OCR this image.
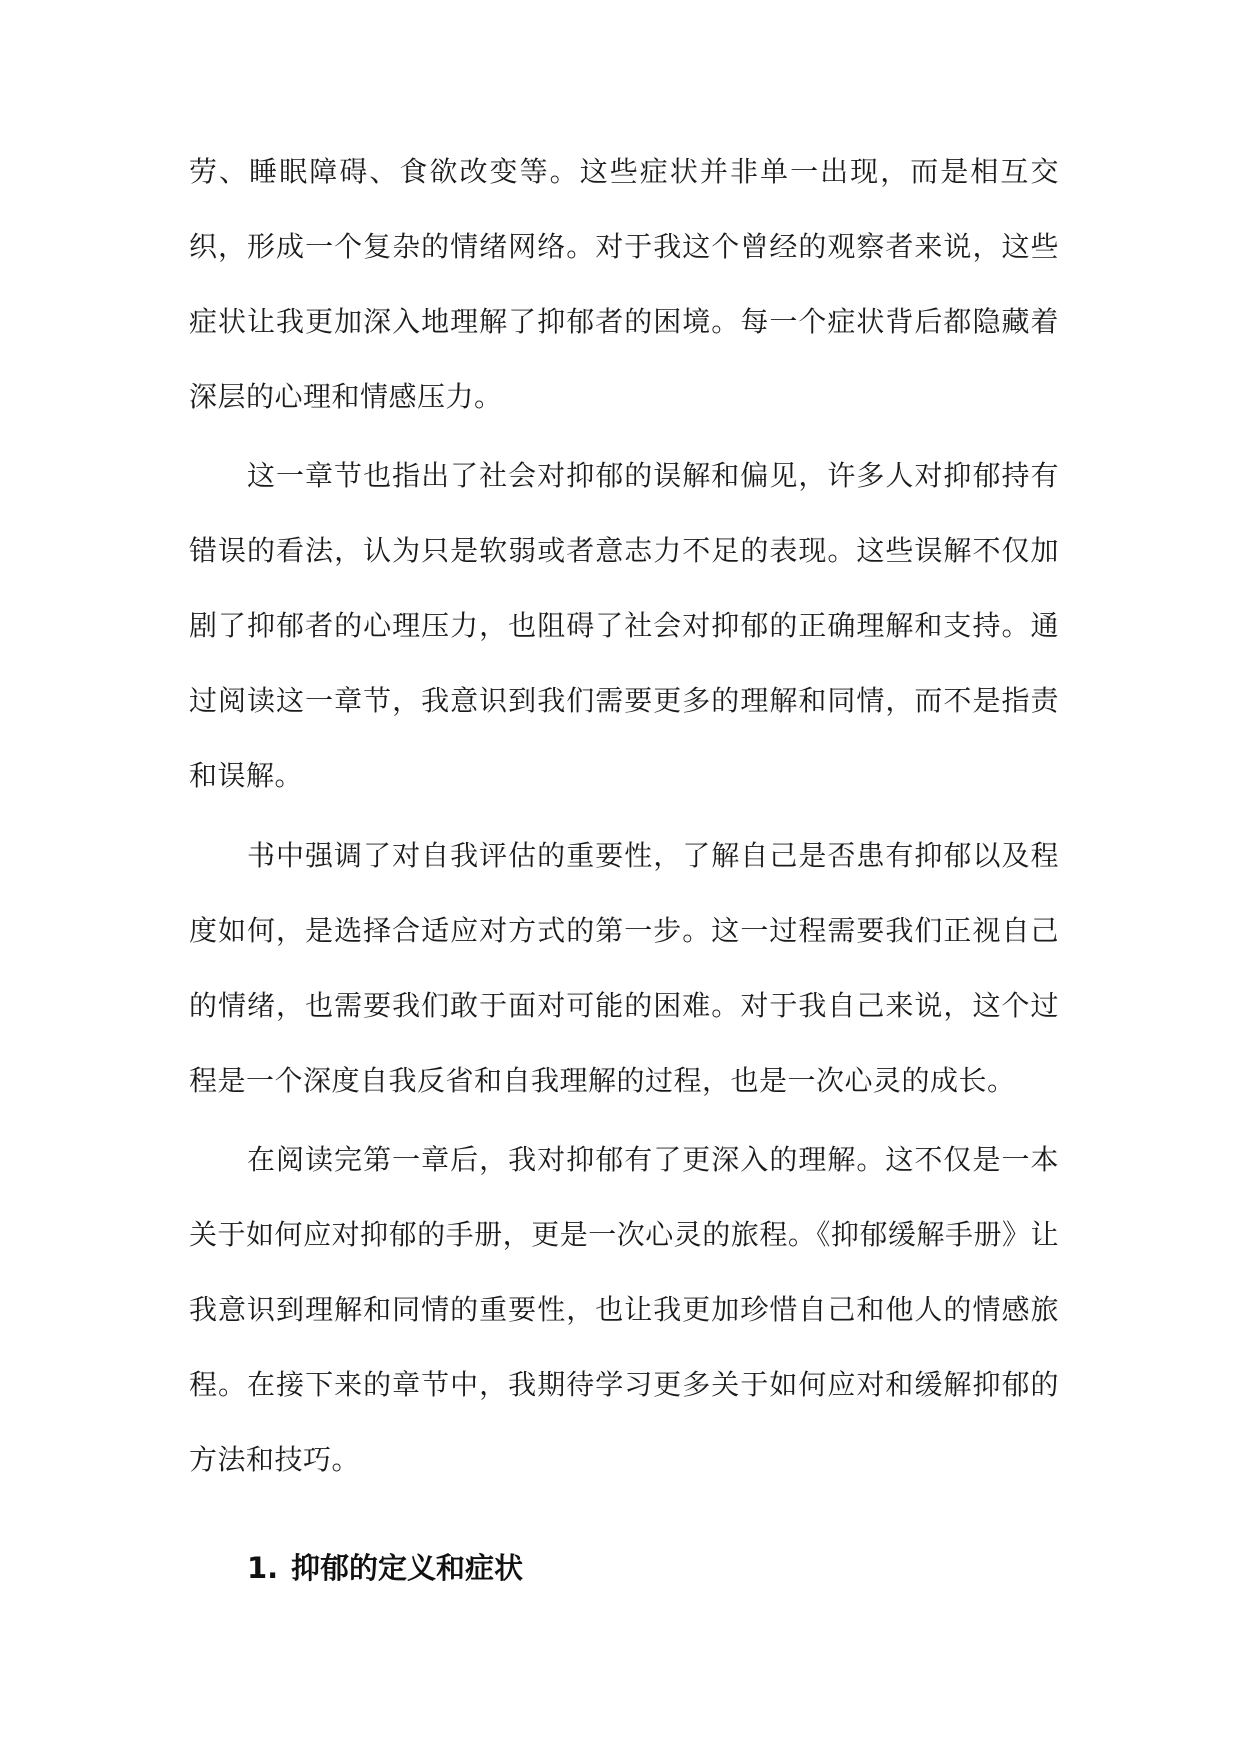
劳、睡眠障碍、食欲改变等。这些症状并非单一出现，而是相互交织，形成一个复杂的情绪网络。对于我这个曾经的观察者来说，这些症状让我更加深入地理解了抑郁者的困境。每一个症状背后都隐藏着深层的心理和情感压力。

这一章节也指出了社会对抑郁的误解和偏见，许多人对抑郁持有错误的看法，认为只是软弱或者意志力不足的表现。这些误解不仅加剧了抑郁者的心理压力，也阻碍了社会对抑郁的正确理解和支持。通过阅读这一章节，我意识到我们需要更多的理解和同情，而不是指责和误解。

书中强调了对自我评估的重要性，了解自己是否患有抑郁以及程度如何，是选择合适应对方式的第一步。这一过程需要我们正视自己的情绪，也需要我们敢于面对可能的困难。对于我自己来说，这个过程是一个深度自我反省和自我理解的过程，也是一次心灵的成长。

在阅读完第一章后，我对抑郁有了更深入的理解。这不仅是一本关于如何应对抑郁的手册，更是一次心灵的旅程。《抑郁缓解手册》让我意识到理解和同情的重要性，也让我更加珍惜自己和他人的情感旅程。在接下来的章节中，我期待学习更多关于如何应对和缓解抑郁的方法和技巧。

1. 抑郁的定义和症状
